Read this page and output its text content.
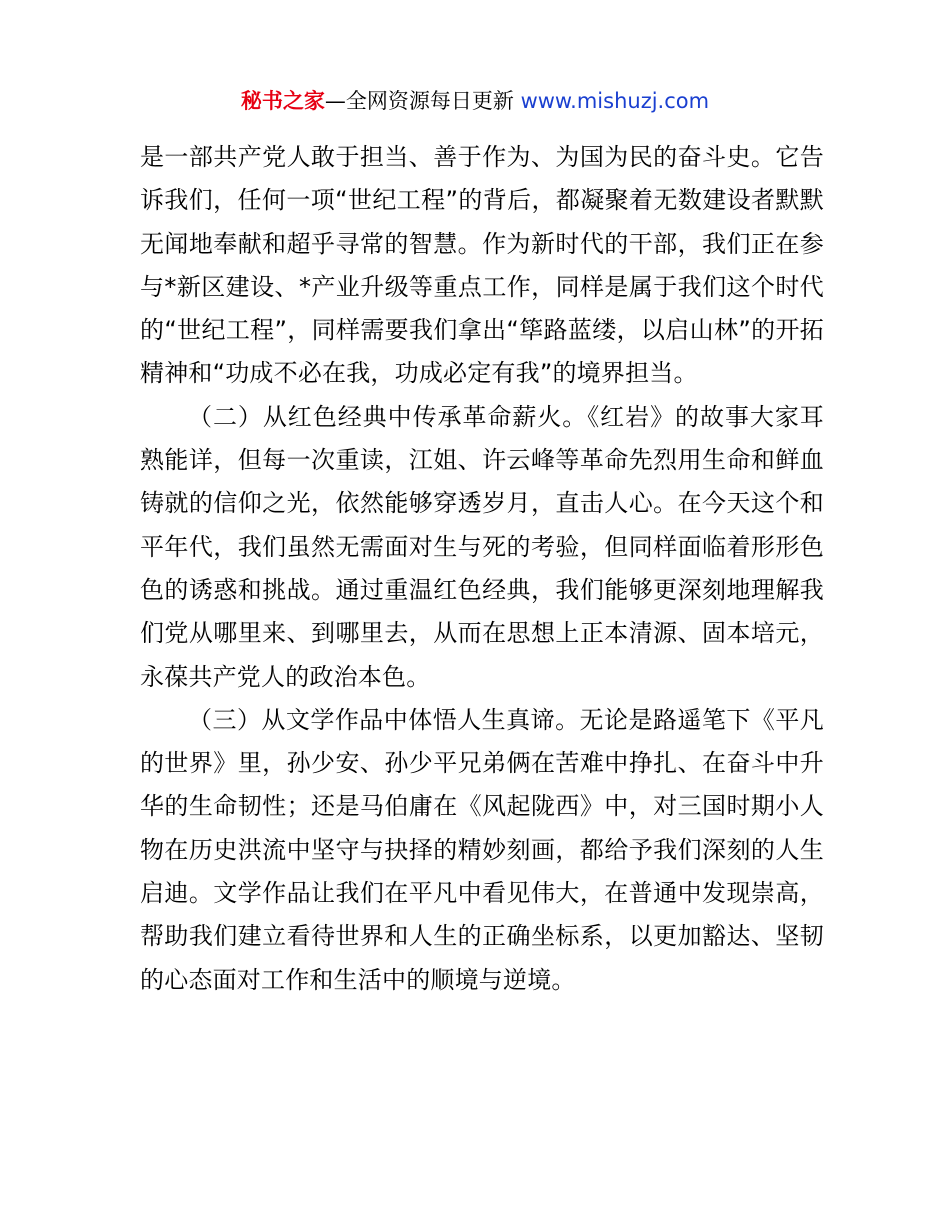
秘书之家—全网资源每日更新 www.mishuzj.com

是一部共产党人敢于担当、善于作为、为国为民的奋斗史。它告诉我们，任何一项“世纪工程”的背后，都凝聚着无数建设者默默无闻地奉献和超乎寻常的智慧。作为新时代的干部，我们正在参与*新区建设、*产业升级等重点工作，同样是属于我们这个时代的“世纪工程”，同样需要我们拿出“筚路蓝缕，以启山林”的开拓精神和“功成不必在我，功成必定有我”的境界担当。

（二）从红色经典中传承革命薪火。《红岩》的故事大家耳熟能详，但每一次重读，江姐、许云峰等革命先烈用生命和鲜血铸就的信仰之光，依然能够穿透岁月，直击人心。在今天这个和平年代，我们虽然无需面对生与死的考验，但同样面临着形形色色的诱惑和挑战。通过重温红色经典，我们能够更深刻地理解我们党从哪里来、到哪里去，从而在思想上正本清源、固本培元，永葆共产党人的政治本色。

（三）从文学作品中体悟人生真谛。无论是路遥笔下《平凡的世界》里，孙少安、孙少平兄弟俩在苦难中挣扎、在奋斗中升华的生命韧性；还是马伯庸在《风起陇西》中，对三国时期小人物在历史洪流中坚守与抉择的精妙刻画，都给予我们深刻的人生启迪。文学作品让我们在平凡中看见伟大，在普通中发现崇高，帮助我们建立看待世界和人生的正确坐标系，以更加豁达、坚韧的心态面对工作和生活中的顺境与逆境。
